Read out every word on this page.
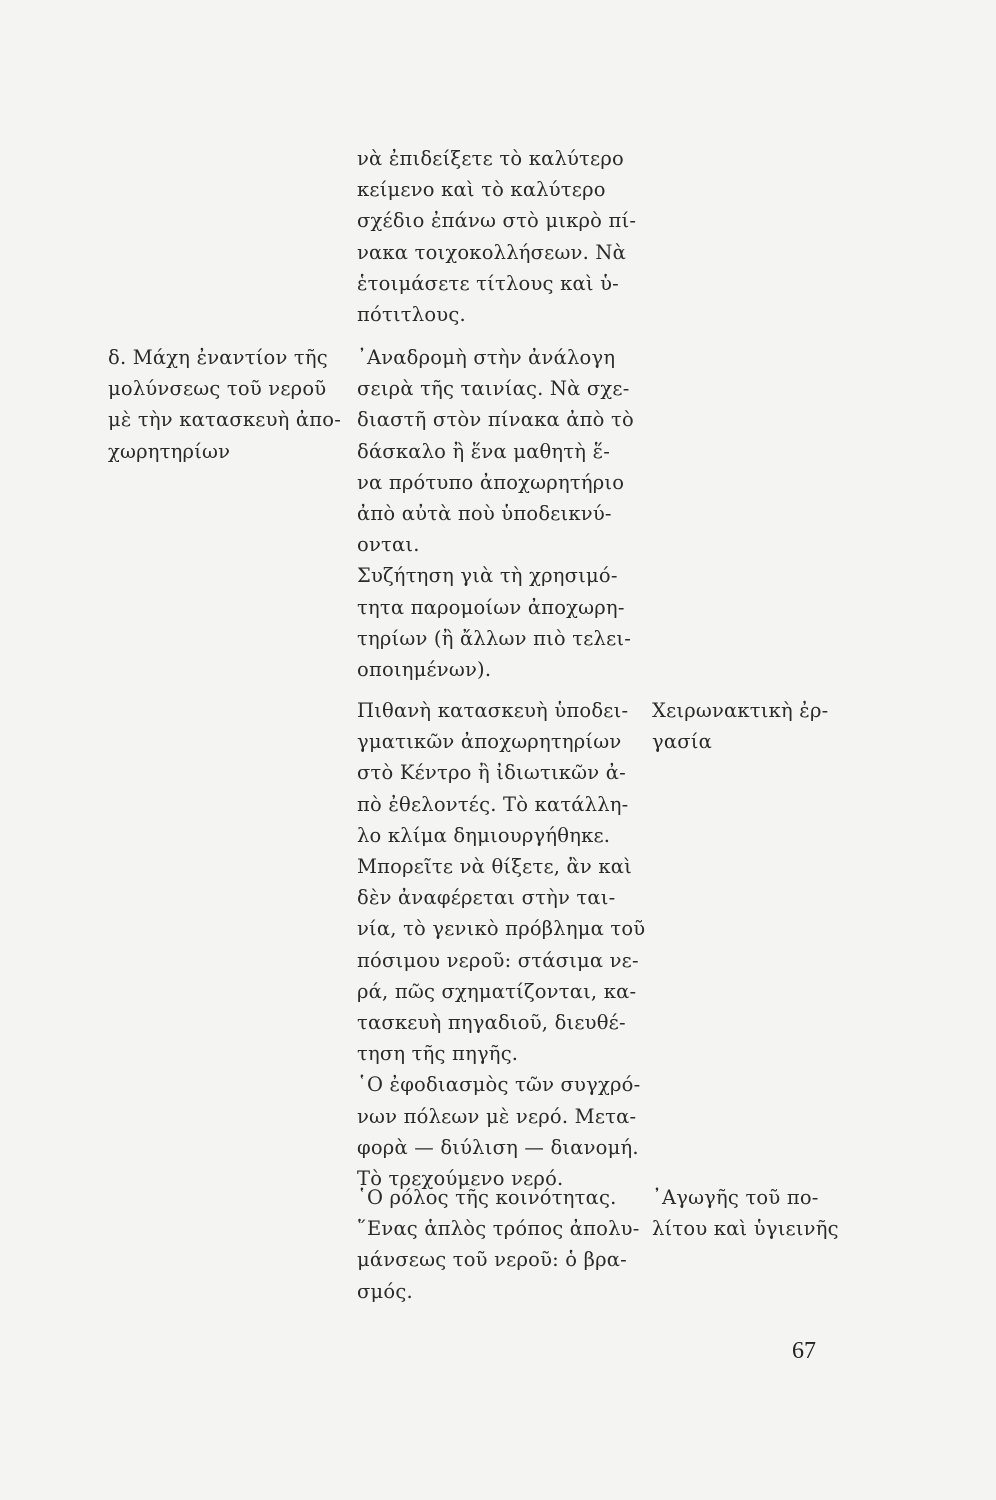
νὰ ἐπιδείξετε τὸ καλύτερο
κείμενο καὶ τὸ καλύτερο
σχέδιο ἐπάνω στὸ μικρὸ πί-
νακα τοιχοκολλήσεων. Νὰ
ἑτοιμάσετε τίτλους καὶ ὑ-
πότιτλους.
δ. Μάχη ἐναντίον τῆς
μολύνσεως τοῦ νεροῦ
μὲ τὴν κατασκευὴ ἀπο-
χωρητηρίων
᾿Αναδρομὴ στὴν ἀνάλογη
σειρὰ τῆς ταινίας. Νὰ σχε-
διαστῆ στὸν πίνακα ἀπὸ τὸ
δάσκαλο ἢ ἕνα μαθητὴ ἕ-
να πρότυπο ἀποχωρητήριο
ἀπὸ αὐτὰ ποὺ ὑποδεικνύ-
ονται.
Συζήτηση γιὰ τὴ χρησιμό-
τητα παρομοίων ἀποχωρη-
τηρίων (ἢ ἄλλων πιὸ τελει-
οποιημένων).
Πιθανὴ κατασκευὴ ὑποδει-
γματικῶν ἀποχωρητηρίων
στὸ Κέντρο ἢ ἰδιωτικῶν ἀ-
πὸ ἐθελοντές. Τὸ κατάλλη-
λο κλίμα δημιουργήθηκε.
Μπορεῖτε νὰ θίξετε, ἂν καὶ
δὲν ἀναφέρεται στὴν ται-
νία, τὸ γενικὸ πρόβλημα τοῦ
πόσιμου νεροῦ: στάσιμα νε-
ρά, πῶς σχηματίζονται, κα-
τασκευὴ πηγαδιοῦ, διευθέ-
τηση τῆς πηγῆς.
῾Ο ἐφοδιασμὸς τῶν συγχρό-
νων πόλεων μὲ νερό. Μετα-
φορὰ — διύλιση — διανομή.
Τὸ τρεχούμενο νερό.
Χειρωνακτικὴ ἐρ-
γασία
῾Ο ρόλος τῆς κοινότητας.
῞Ενας ἁπλὸς τρόπος ἀπολυ-
μάνσεως τοῦ νεροῦ: ὁ βρα-
σμός.
᾿Αγωγῆς τοῦ πο-
λίτου καὶ ὑγιεινῆς
67
